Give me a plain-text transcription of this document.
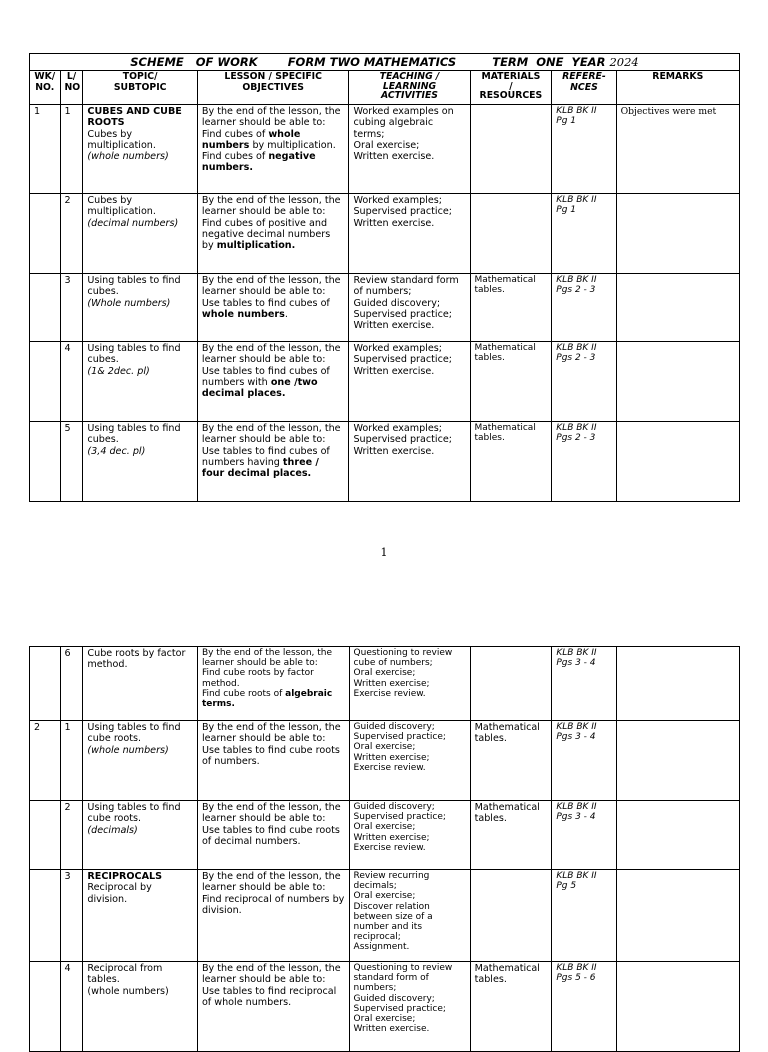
SCHEME   OF WORK FORM TWO MATHEMATICS TERM  ONE  YEAR 2024							
WK/
NO.	L/
NO	TOPIC/
SUBTOPIC	LESSON / SPECIFIC
OBJECTIVES	TEACHING /
LEARNING
ACTIVITIES	MATERIALS
/
RESOURCES	REFERE-
NCES	REMARKS
1	1	CUBES AND CUBE ROOTS
Cubes by multiplication.
(whole numbers)	By the end of the lesson, the learner should be able to:
Find cubes of whole numbers by multiplication.
Find cubes of negative numbers.	Worked examples on cubing algebraic terms;
Oral exercise;
Written exercise.		KLB BK II
Pg 1	Objectives were met
	2	Cubes by multiplication.
(decimal numbers)	By the end of the lesson, the learner should be able to:
Find cubes of positive and negative decimal numbers by multiplication.	Worked examples;
Supervised practice;
Written exercise.		KLB BK II
Pg 1	
	3	Using tables to find cubes.
(Whole numbers)	By the end of the lesson, the learner should be able to:
Use tables to find cubes of whole numbers.	Review standard form of numbers;
Guided discovery;
Supervised practice;
Written exercise.	Mathematical tables.	KLB BK II
Pgs 2 - 3	
	4	Using tables to find cubes.
(1& 2dec. pl)	By the end of the lesson, the learner should be able to:
Use tables to find cubes of numbers with one /two decimal places.	Worked examples;
Supervised practice;
Written exercise.	Mathematical tables.	KLB BK II
Pgs 2 - 3	
	5	Using tables to find cubes.
(3,4 dec. pl)	By the end of the lesson, the learner should be able to:
Use tables to find cubes of numbers having three / four decimal places.	Worked examples;
Supervised practice;
Written exercise.	Mathematical tables.	KLB BK II
Pgs 2 - 3	
1
	6	Cube roots by factor method.	By the end of the lesson, the learner should be able to:
Find cube roots by factor method.
Find cube roots of algebraic terms.	Questioning to review cube of numbers;
Oral exercise;
Written exercise;
Exercise review.		KLB BK II
Pgs 3 - 4	
2	1	Using tables to find cube roots.
(whole numbers)	By the end of the lesson, the learner should be able to:
Use tables to find cube roots of numbers.	Guided discovery;
Supervised practice;
Oral exercise;
Written exercise;
Exercise review.	Mathematical tables.	KLB BK II
Pgs 3 - 4	
	2	Using tables to find cube roots.
(decimals)	By the end of the lesson, the learner should be able to:
Use tables to find cube roots of decimal numbers.	Guided discovery;
Supervised practice;
Oral exercise;
Written exercise;
Exercise review.	Mathematical tables.	KLB BK II
Pgs 3 - 4	
	3	RECIPROCALS
Reciprocal by division.	By the end of the lesson, the learner should be able to:
Find reciprocal of numbers by division.	Review recurring decimals;
Oral exercise;
Discover relation between size of a number and its reciprocal;
Assignment.		KLB BK II
Pg 5	
	4	Reciprocal from tables.
(whole numbers)	By the end of the lesson, the learner should be able to:
Use tables to find reciprocal of whole numbers.	Questioning to review standard form of numbers;
Guided discovery;
Supervised practice;
Oral exercise;
Written exercise.	Mathematical tables.	KLB BK II
Pgs 5 - 6	
